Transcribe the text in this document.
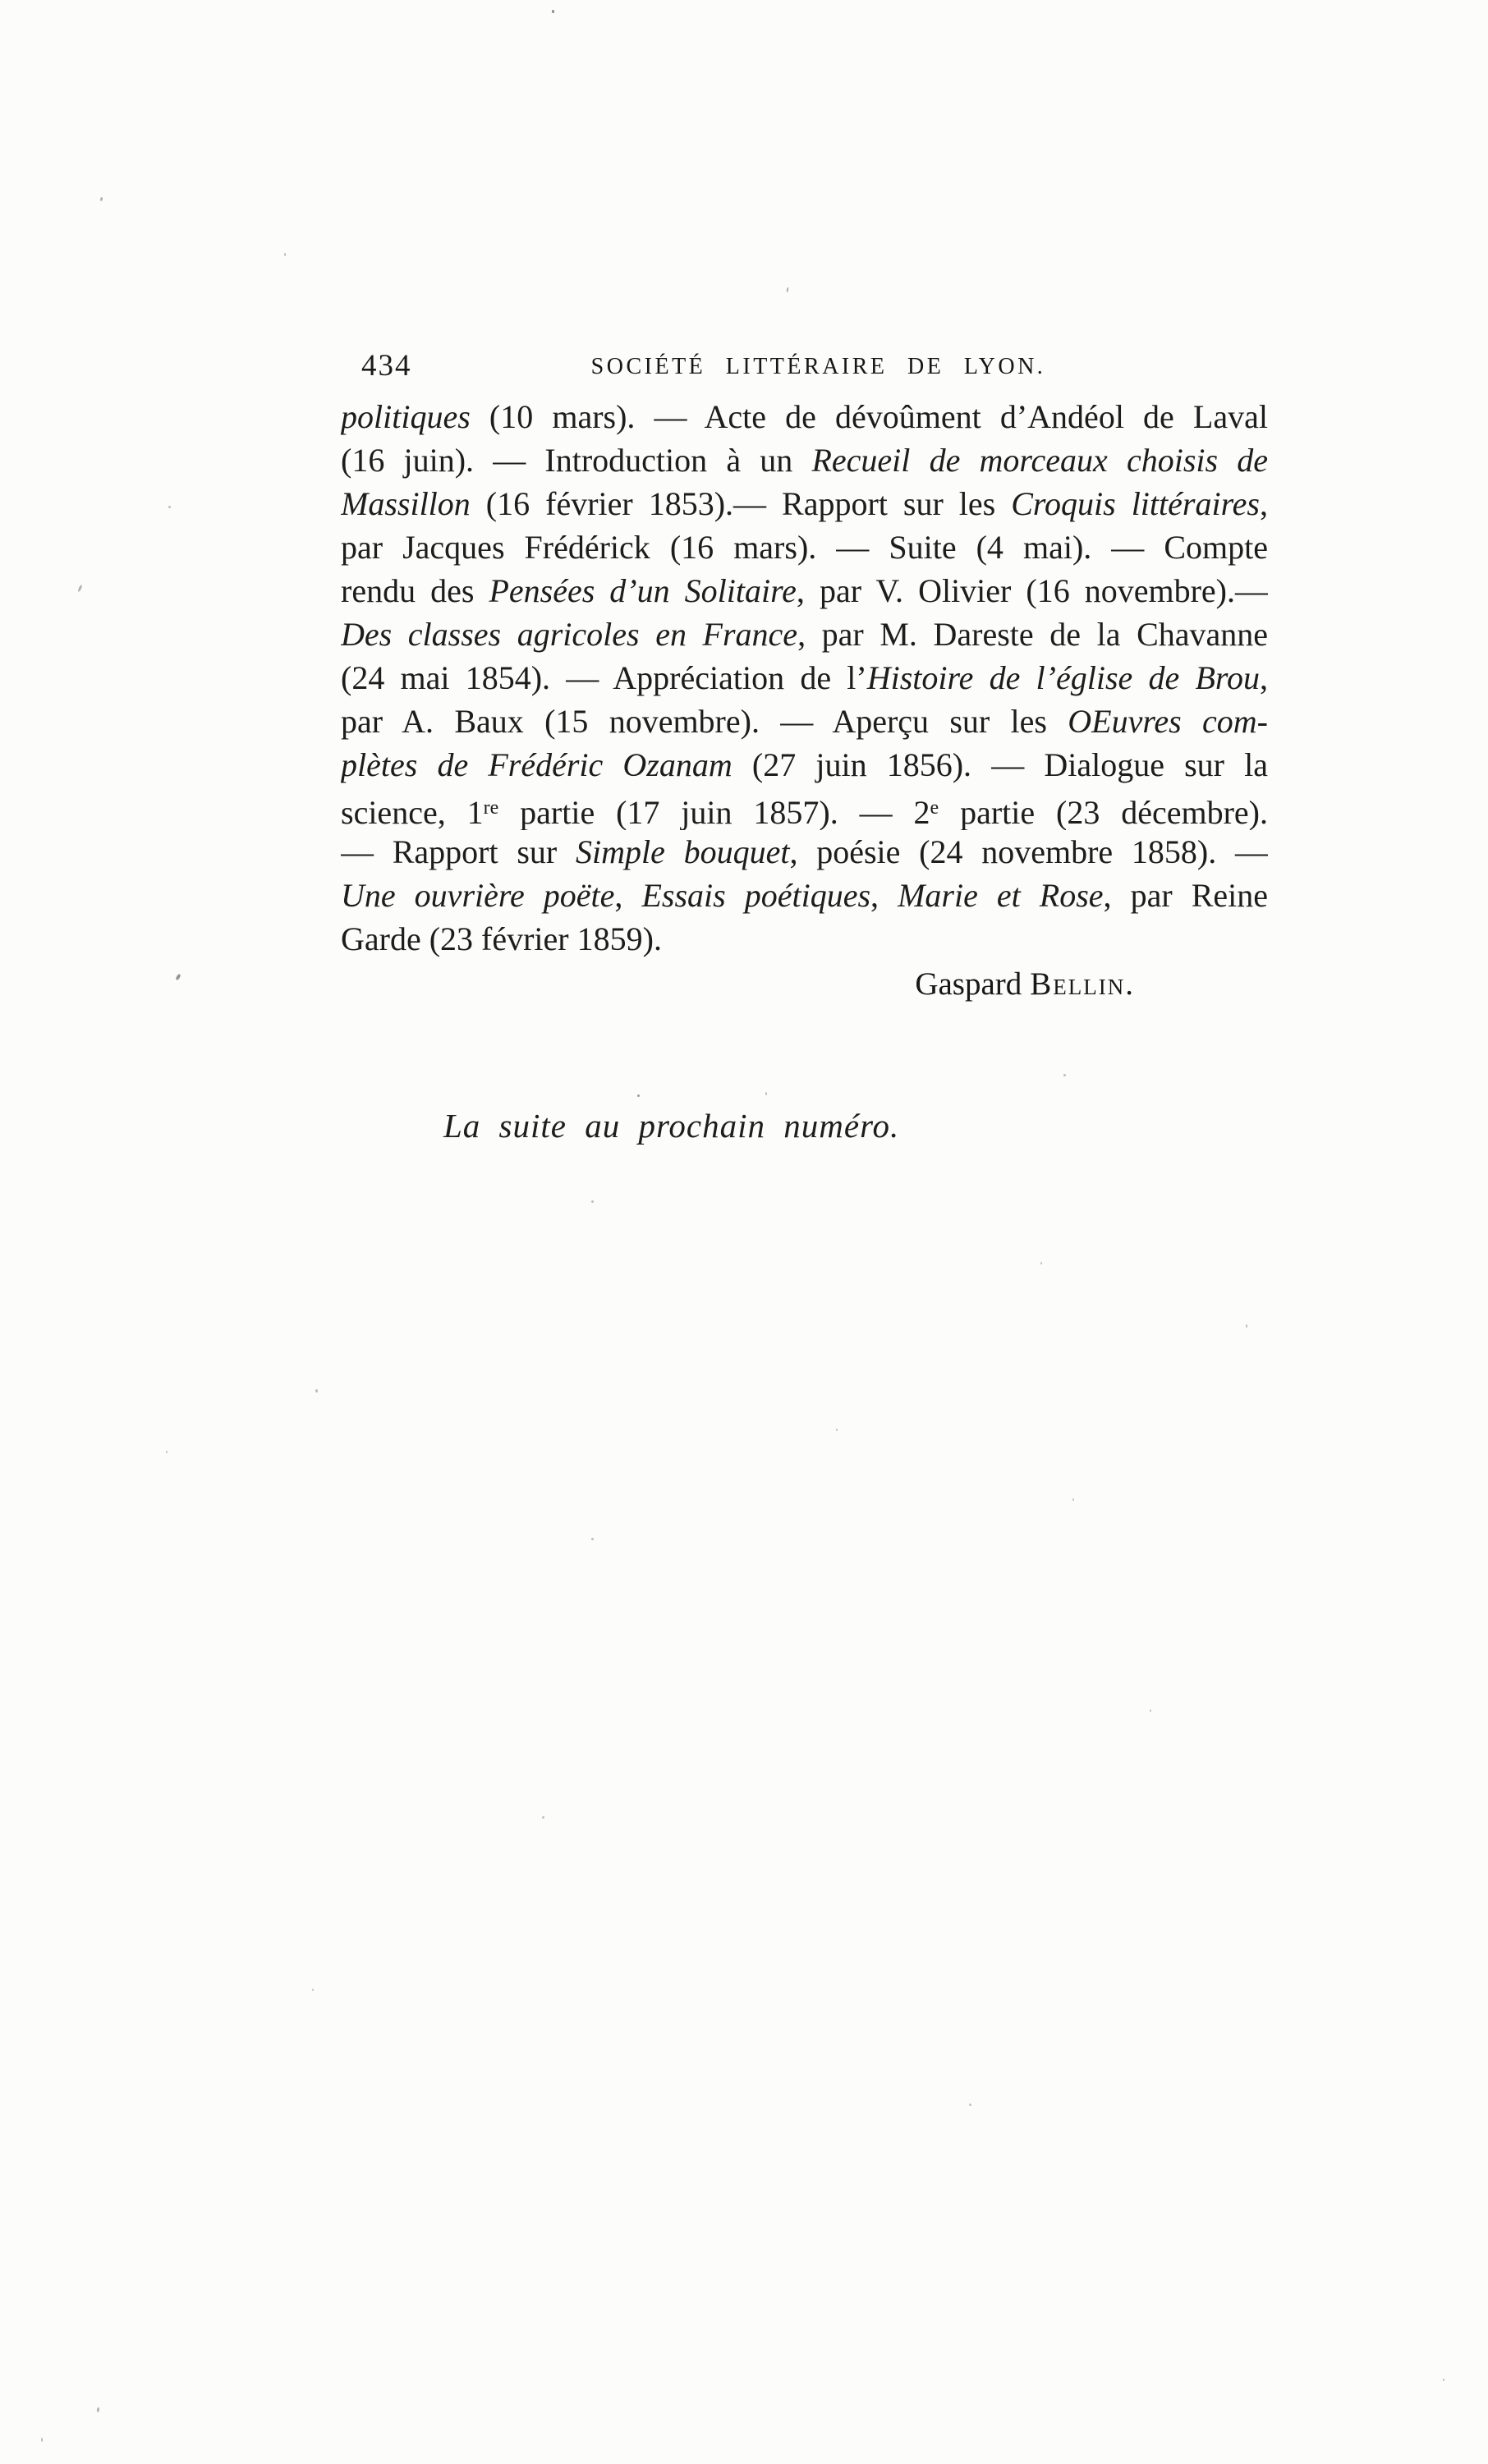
434	SOCIÉTÉ LITTÉRAIRE DE LYON.
politiques (10 mars). — Acte de dévoûment d’Andéol de Laval
(16 juin). — Introduction à un Recueil de morceaux choisis de
Massillon (16 février 1853).— Rapport sur les Croquis littéraires,
par Jacques Frédérick (16 mars). — Suite (4 mai). — Compte
rendu des Pensées d’un Solitaire, par V. Olivier (16 novembre).—
Des classes agricoles en France, par M. Dareste de la Chavanne
(24 mai 1854). — Appréciation de l’Histoire de l’église de Brou,
par A. Baux (15 novembre). — Aperçu sur les OEuvres com-
plètes de Frédéric Ozanam (27 juin 1856). — Dialogue sur la
science, 1re partie (17 juin 1857). — 2e partie (23 décembre).
— Rapport sur Simple bouquet, poésie (24 novembre 1858). —
Une ouvrière poëte, Essais poétiques, Marie et Rose, par Reine
Garde (23 février 1859).
Gaspard Bellin.
La suite au prochain numéro.
